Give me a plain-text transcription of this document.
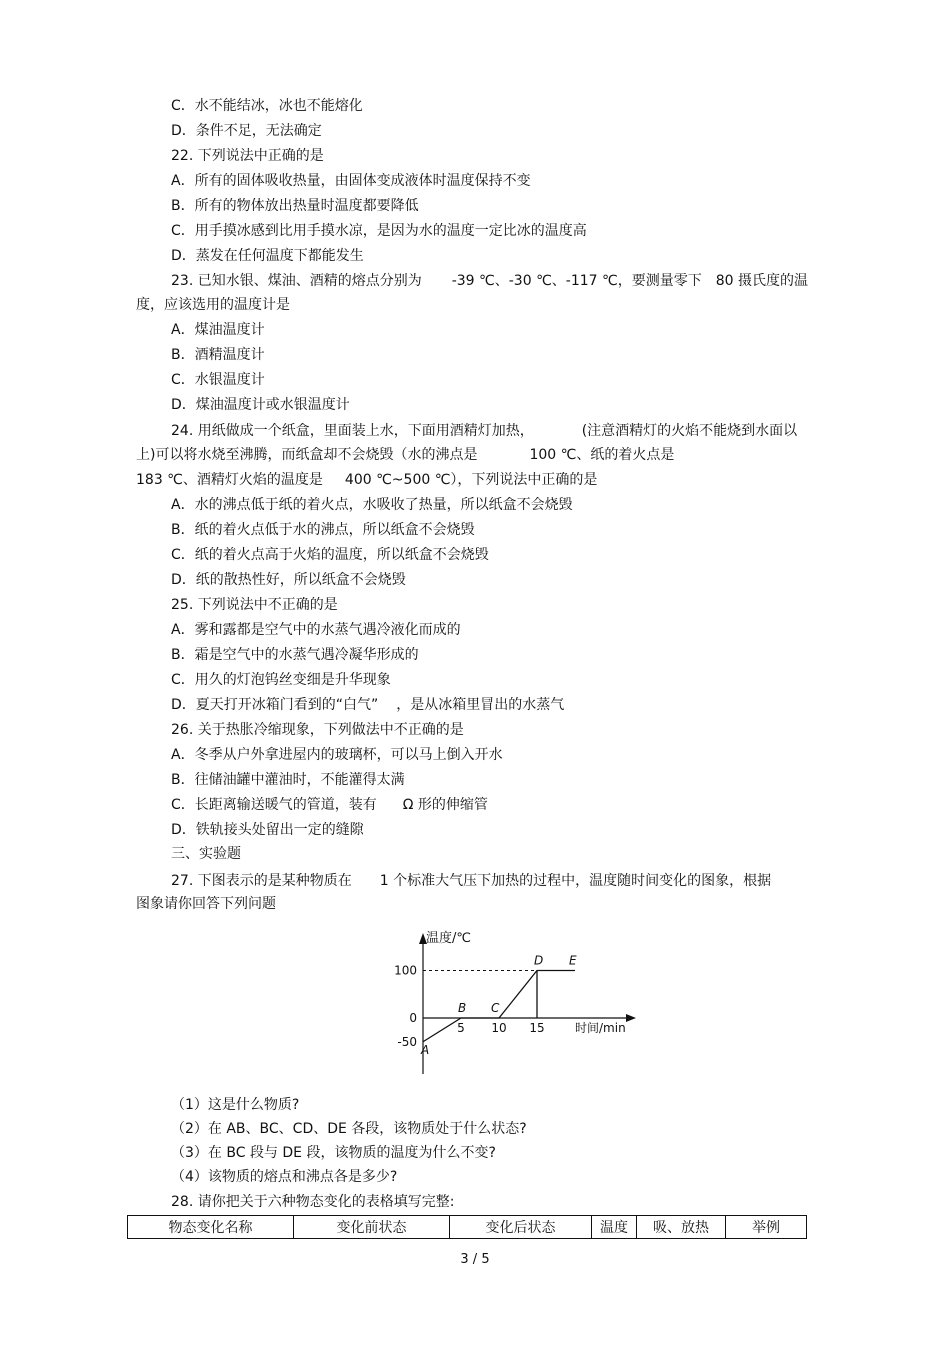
C．水不能结冰，冰也不能熔化
D．条件不足，无法确定
22. 下列说法中正确的是
A．所有的固体吸收热量，由固体变成液体时温度保持不变
B．所有的物体放出热量时温度都要降低
C．用手摸冰感到比用手摸水凉，是因为水的温度一定比冰的温度高
D．蒸发在任何温度下都能发生
23. 已知水银、煤油、酒精的熔点分别为 -39 ℃、-30 ℃、-117 ℃，要测量零下 80 摄氏度的温
度，应该选用的温度计是
A．煤油温度计
B．酒精温度计
C．水银温度计
D．煤油温度计或水银温度计
24. 用纸做成一个纸盒，里面装上水，下面用酒精灯加热，	(注意酒精灯的火焰不能烧到水面以
上)可以将水烧至沸腾，而纸盒却不会烧毁（水的沸点是	100 ℃、纸的着火点是
183 ℃、酒精灯火焰的温度是 400 ℃~500 ℃），下列说法中正确的是
A．水的沸点低于纸的着火点，水吸收了热量，所以纸盒不会烧毁
B．纸的着火点低于水的沸点，所以纸盒不会烧毁
C．纸的着火点高于火焰的温度，所以纸盒不会烧毁
D．纸的散热性好，所以纸盒不会烧毁
25. 下列说法中不正确的是
A．雾和露都是空气中的水蒸气遇冷液化而成的
B．霜是空气中的水蒸气遇冷凝华形成的
C．用久的灯泡钨丝变细是升华现象
D．夏天打开冰箱门看到的“白气” ，是从冰箱里冒出的水蒸气
26. 关于热胀冷缩现象，下列做法中不正确的是
A．冬季从户外拿进屋内的玻璃杯，可以马上倒入开水
B．往储油罐中灌油时，不能灌得太满
C．长距离输送暖气的管道，装有 Ω 形的伸缩管
D．铁轨接头处留出一定的缝隙
三、实验题
27. 下图表示的是某种物质在 1 个标准大气压下加热的过程中，温度随时间变化的图象，根据
图象请你回答下列问题
温度/℃
时间/min
100
0
-50
5 10 15
A
B C
D E
（1）这是什么物质?
（2）在 AB、BC、CD、DE 各段，该物质处于什么状态?
（3）在 BC 段与 DE 段，该物质的温度为什么不变?
（4）该物质的熔点和沸点各是多少?
28. 请你把关于六种物态变化的表格填写完整:
物态变化名称	变化前状态	变化后状态	温度	吸、放热	举例
3 / 5
